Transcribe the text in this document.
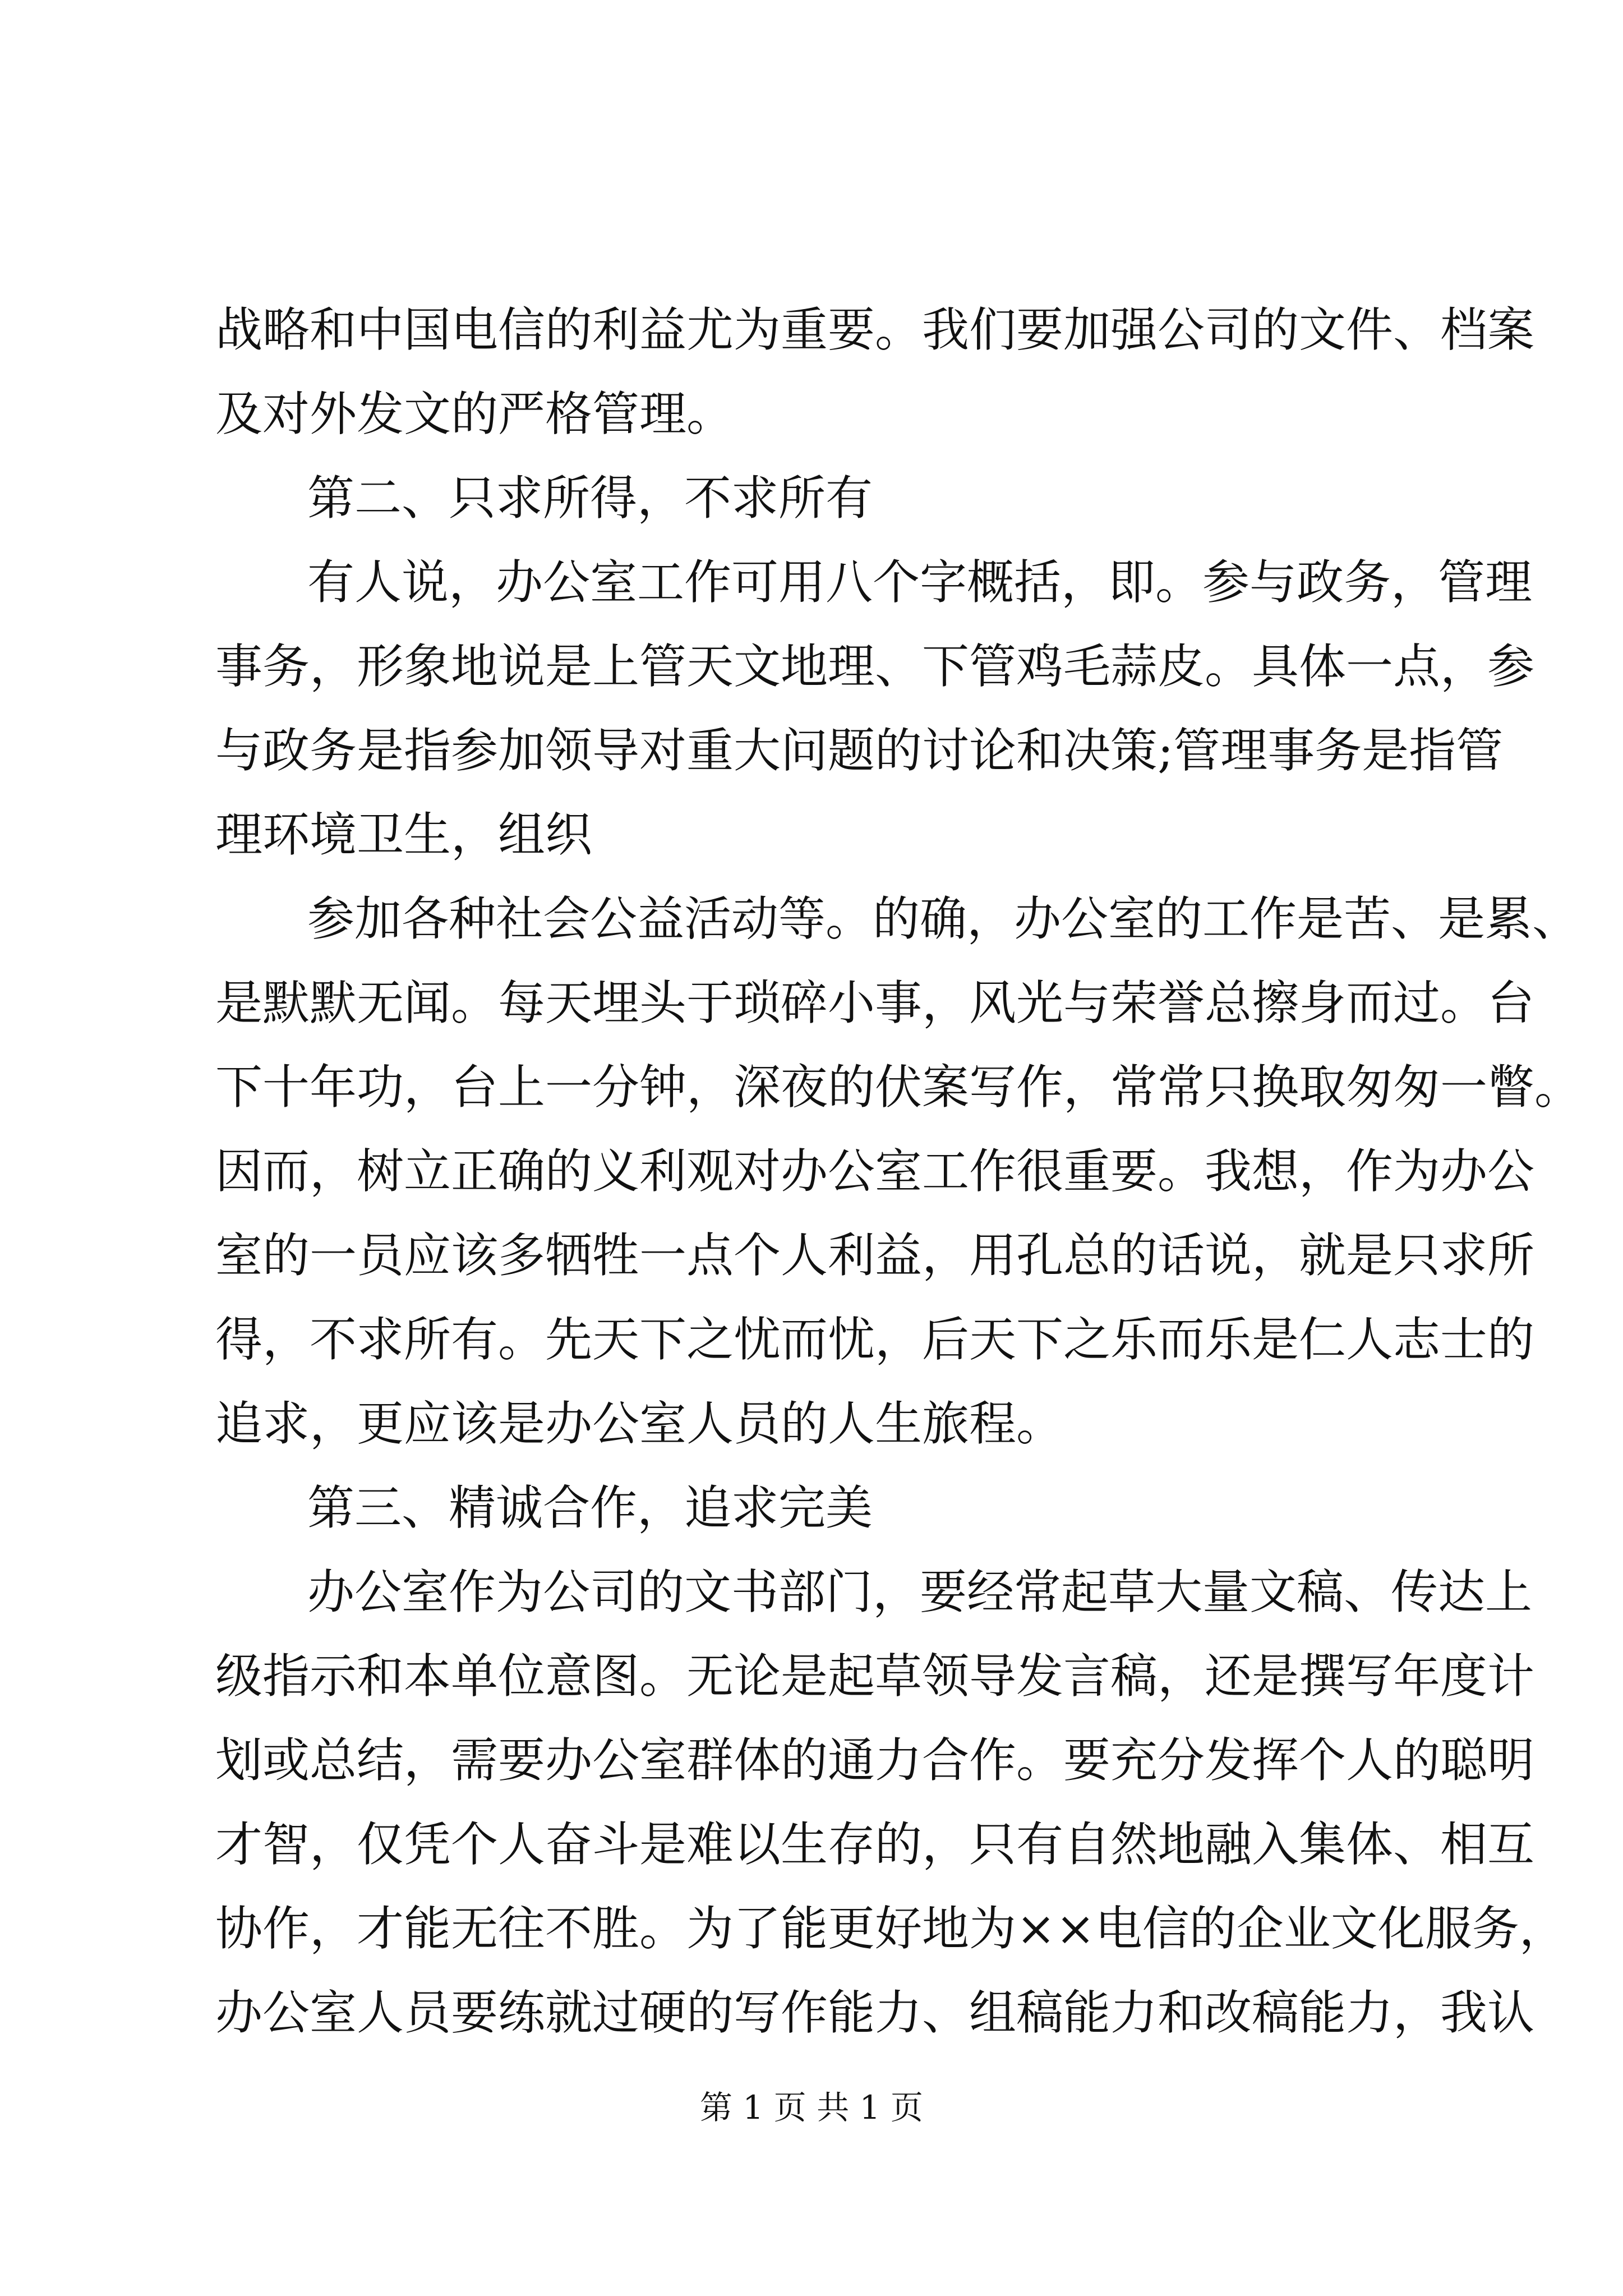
战略和中国电信的利益尤为重要。我们要加强公司的文件、档案
及对外发文的严格管理。
第二、只求所得，不求所有
有人说，办公室工作可用八个字概括，即。参与政务，管理
事务，形象地说是上管天文地理、下管鸡毛蒜皮。具体一点，参
与政务是指参加领导对重大问题的讨论和决策;管理事务是指管
理环境卫生，组织
参加各种社会公益活动等。的确，办公室的工作是苦、是累、
是默默无闻。每天埋头于琐碎小事，风光与荣誉总擦身而过。台
下十年功，台上一分钟，深夜的伏案写作，常常只换取匆匆一瞥。
因而，树立正确的义利观对办公室工作很重要。我想，作为办公
室的一员应该多牺牲一点个人利益，用孔总的话说，就是只求所
得，不求所有。先天下之忧而忧，后天下之乐而乐是仁人志士的
追求，更应该是办公室人员的人生旅程。
第三、精诚合作，追求完美
办公室作为公司的文书部门，要经常起草大量文稿、传达上
级指示和本单位意图。无论是起草领导发言稿，还是撰写年度计
划或总结，需要办公室群体的通力合作。要充分发挥个人的聪明
才智，仅凭个人奋斗是难以生存的，只有自然地融入集体、相互
协作，才能无往不胜。为了能更好地为××电信的企业文化服务，
办公室人员要练就过硬的写作能力、组稿能力和改稿能力，我认
第 1 页 共 1 页
